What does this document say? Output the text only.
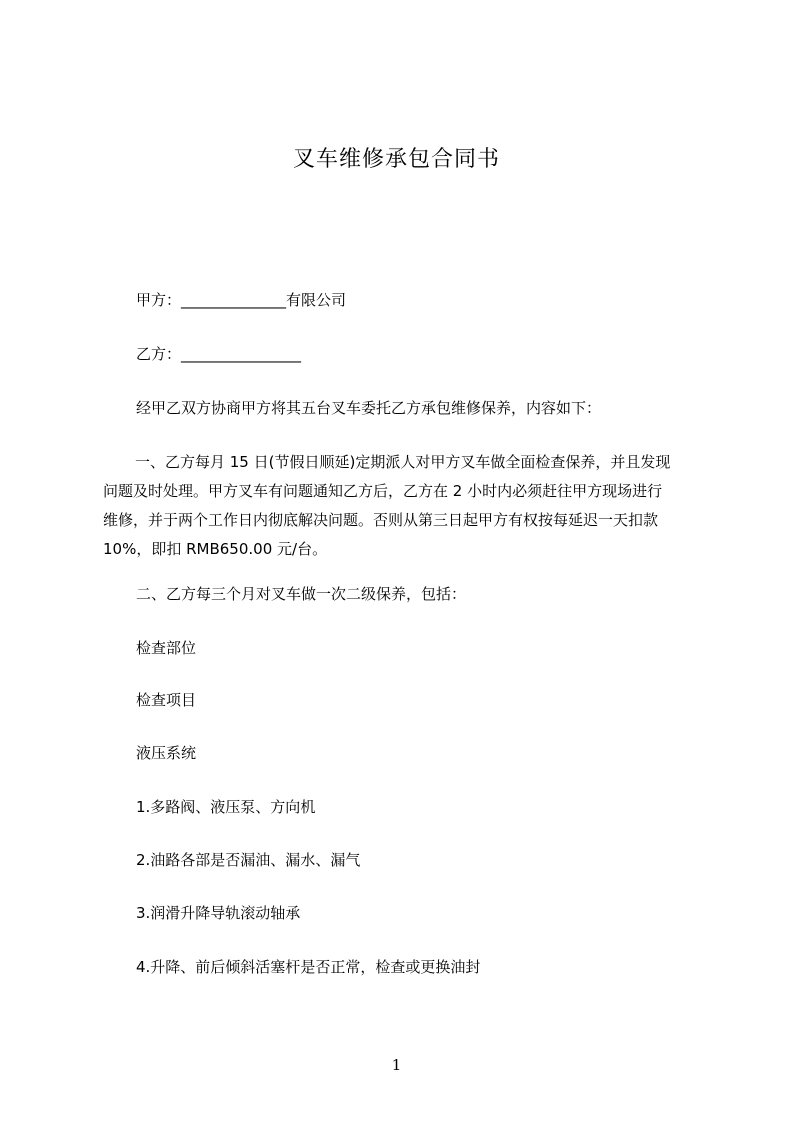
叉车维修承包合同书
甲方：______________有限公司
乙方：________________
经甲乙双方协商甲方将其五台叉车委托乙方承包维修保养，内容如下：
一、乙方每月 15 日(节假日顺延)定期派人对甲方叉车做全面检查保养，并且发现
问题及时处理。甲方叉车有问题通知乙方后，乙方在 2 小时内必须赶往甲方现场进行
维修，并于两个工作日内彻底解决问题。否则从第三日起甲方有权按每延迟一天扣款
10%，即扣 RMB650.00 元/台。
二、乙方每三个月对叉车做一次二级保养，包括：
检查部位
检查项目
液压系统
1.多路阀、液压泵、方向机
2.油路各部是否漏油、漏水、漏气
3.润滑升降导轨滚动轴承
4.升降、前后倾斜活塞杆是否正常，检查或更换油封
1
